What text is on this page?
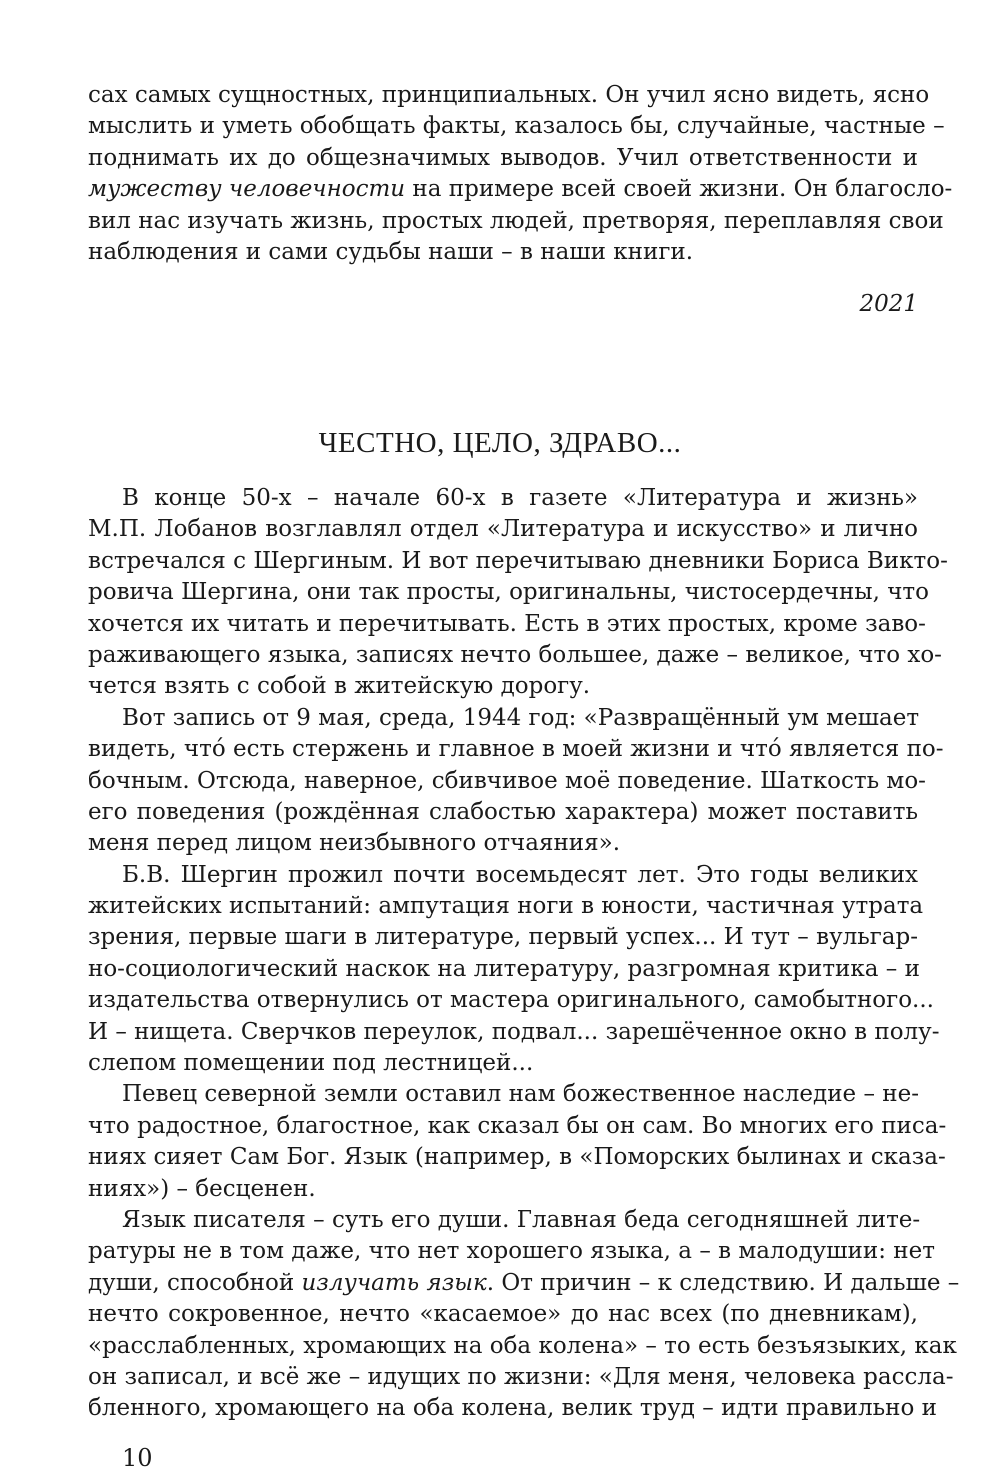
сах самых сущностных, принципиальных. Он учил ясно видеть, ясно
мыслить и уметь обобщать факты, казалось бы, случайные, частные –
поднимать их до общезначимых выводов. Учил ответственности и
мужеству человечности на примере всей своей жизни. Он благосло-
вил нас изучать жизнь, простых людей, претворяя, переплавляя свои
наблюдения и сами судьбы наши – в наши книги.
2021
ЧЕСТНО, ЦЕЛО, ЗДРАВО...
В конце 50-х – начале 60-х в газете «Литература и жизнь»
М.П. Лобанов возглавлял отдел «Литература и искусство» и лично
встречался с Шергиным. И вот перечитываю дневники Бориса Викто-
ровича Шергина, они так просты, оригинальны, чистосердечны, что
хочется их читать и перечитывать. Есть в этих простых, кроме заво-
раживающего языка, записях нечто большее, даже – великое, что хо-
чется взять с собой в житейскую дорогу.
Вот запись от 9 мая, среда, 1944 год: «Развращённый ум мешает
видеть, что́ есть стержень и главное в моей жизни и что́ является по-
бочным. Отсюда, наверное, сбивчивое моё поведение. Шаткость мо-
его поведения (рождённая слабостью характера) может поставить
меня перед лицом неизбывного отчаяния».
Б.В. Шергин прожил почти восемьдесят лет. Это годы великих
житейских испытаний: ампутация ноги в юности, частичная утрата
зрения, первые шаги в литературе, первый успех... И тут – вульгар-
но-социологический наскок на литературу, разгромная критика – и
издательства отвернулись от мастера оригинального, самобытного...
И – нищета. Сверчков переулок, подвал... зарешёченное окно в полу-
слепом помещении под лестницей...
Певец северной земли оставил нам божественное наследие – не-
что радостное, благостное, как сказал бы он сам. Во многих его писа-
ниях сияет Сам Бог. Язык (например, в «Поморских былинах и сказа-
ниях») – бесценен.
Язык писателя – суть его души. Главная беда сегодняшней лите-
ратуры не в том даже, что нет хорошего языка, а – в малодушии: нет
души, способной излучать язык. От причин – к следствию. И дальше –
нечто сокровенное, нечто «касаемое» до нас всех (по дневникам),
«расслабленных, хромающих на оба колена» – то есть безъязыких, как
он записал, и всё же – идущих по жизни: «Для меня, человека рассла-
бленного, хромающего на оба колена, велик труд – идти правильно и
10
